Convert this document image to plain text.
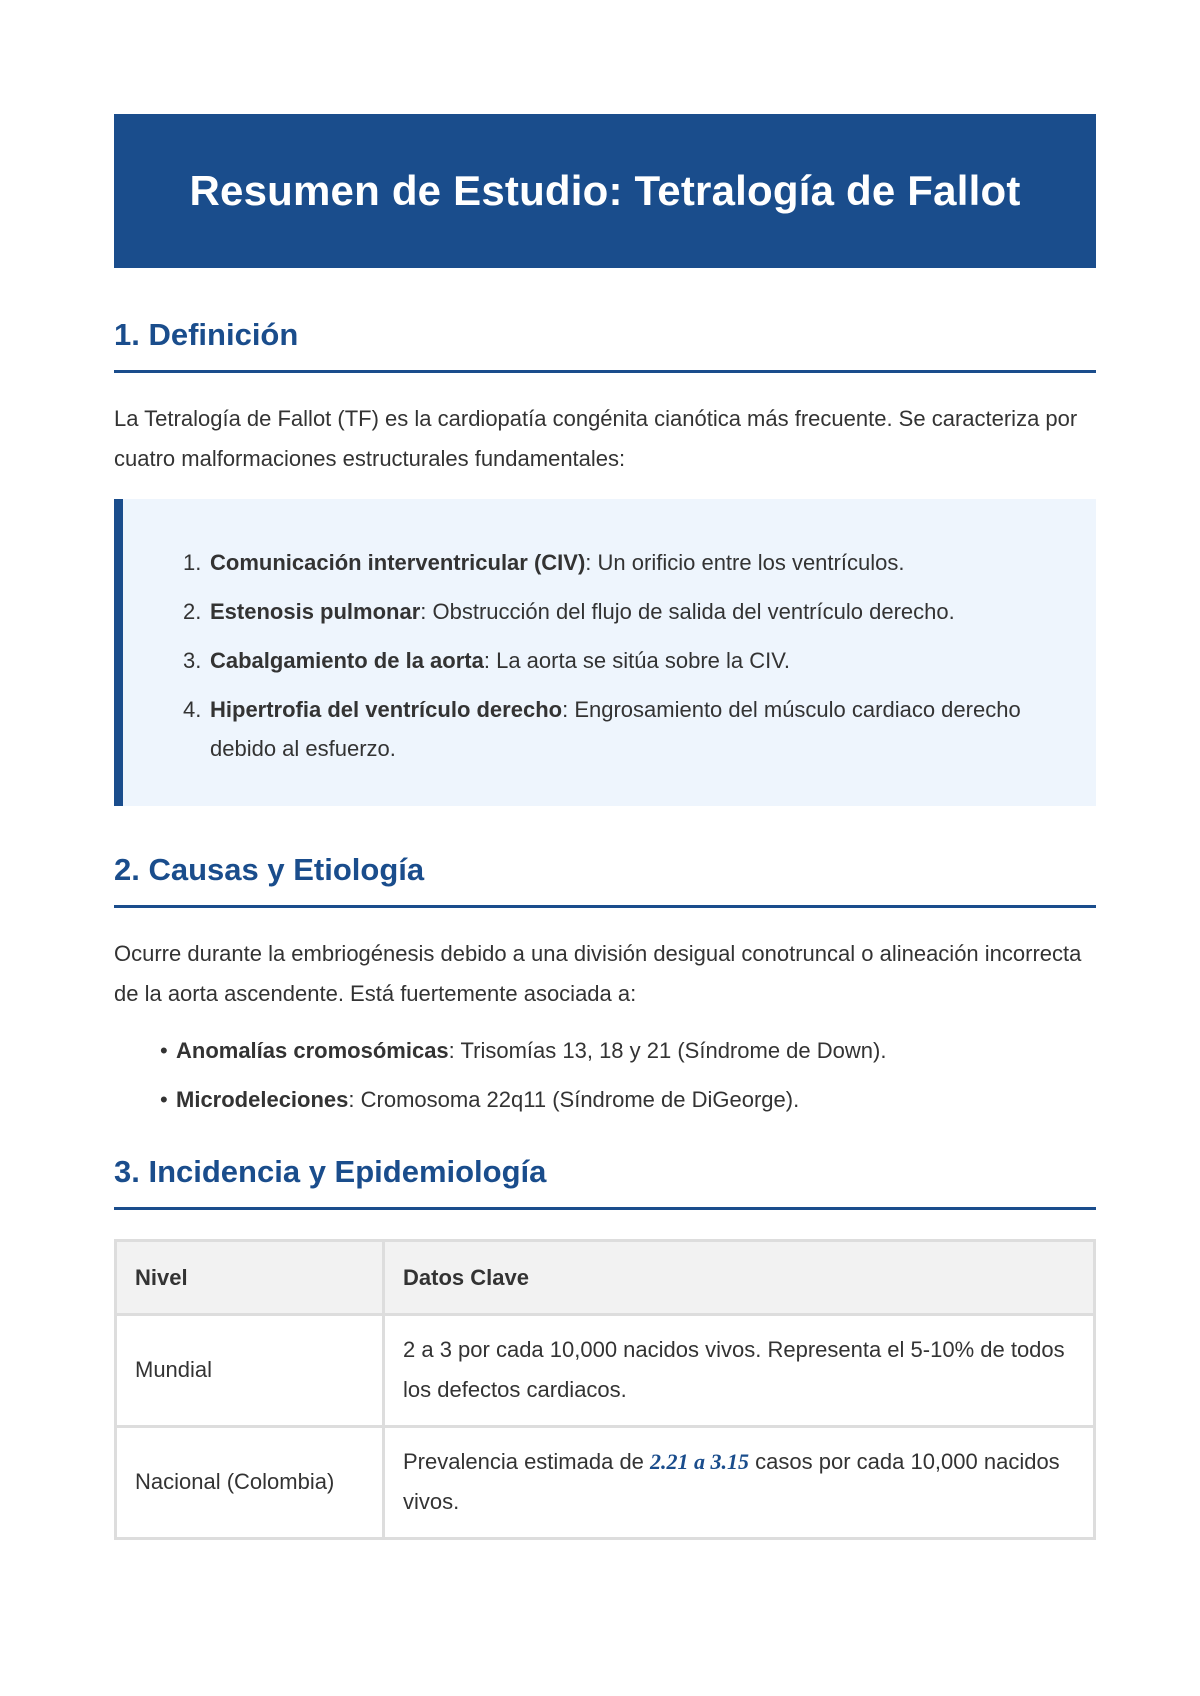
Resumen de Estudio: Tetralogía de Fallot
1. Definición

La Tetralogía de Fallot (TF) es la cardiopatía congénita cianótica más frecuente. Se caracteriza por cuatro malformaciones estructurales fundamentales:

1. Comunicación interventricular (CIV): Un orificio entre los ventrículos.
2. Estenosis pulmonar: Obstrucción del flujo de salida del ventrículo derecho.
3. Cabalgamiento de la aorta: La aorta se sitúa sobre la CIV.
4. Hipertrofia del ventrículo derecho: Engrosamiento del músculo cardiaco derecho debido al esfuerzo.
2. Causas y Etiología

Ocurre durante la embriogénesis debido a una división desigual conotruncal o alineación incorrecta de la aorta ascendente. Está fuertemente asociada a:

• Anomalías cromosómicas: Trisomías 13, 18 y 21 (Síndrome de Down).
• Microdeleciones: Cromosoma 22q11 (Síndrome de DiGeorge).
3. Incidencia y Epidemiología
Nivel	Datos Clave
Mundial	2 a 3 por cada 10,000 nacidos vivos. Representa el 5-10% de todos los defectos cardiacos.
Nacional (Colombia)	Prevalencia estimada de 2.21 a 3.15 casos por cada 10,000 nacidos vivos.
